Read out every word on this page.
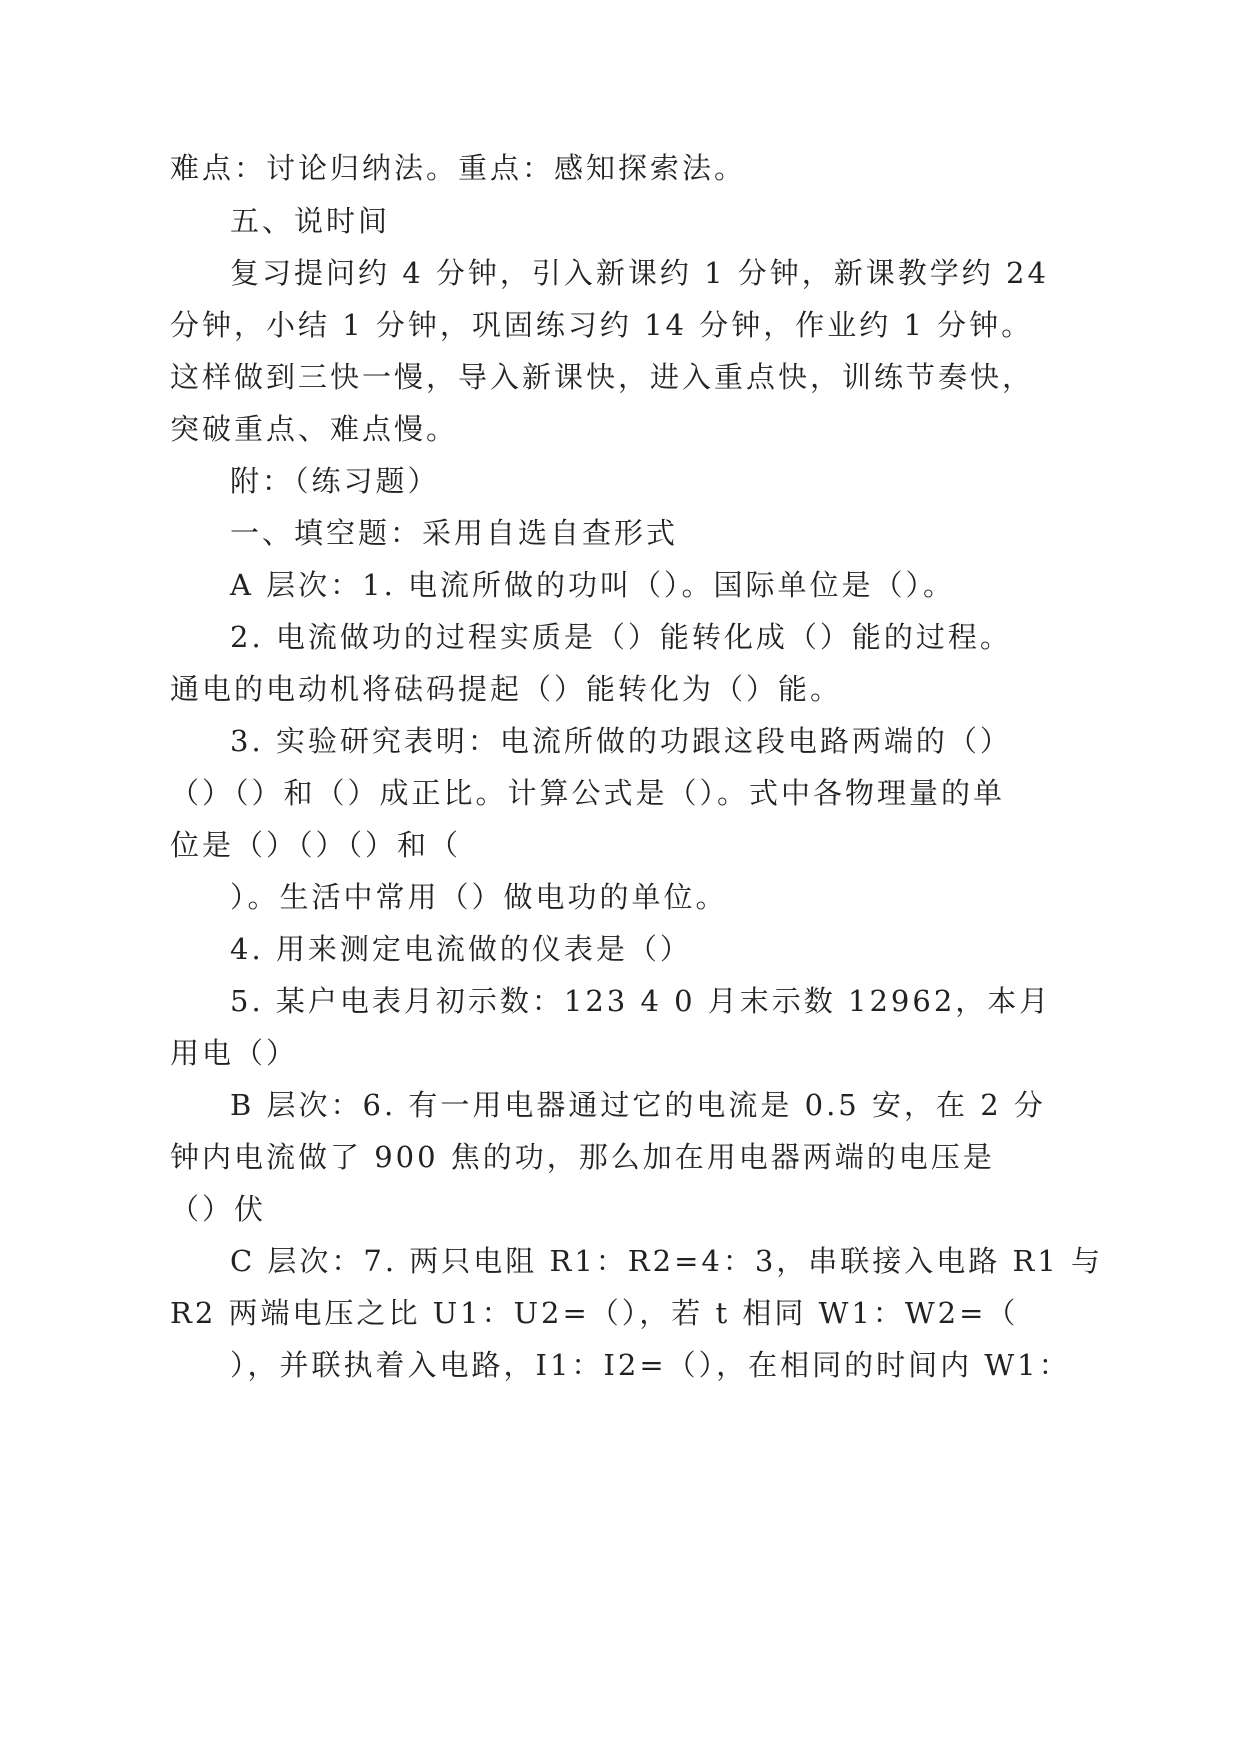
难点：讨论归纳法。重点：感知探索法。
五、说时间
复习提问约 4 分钟，引入新课约 1 分钟，新课教学约 24
分钟，小结 1 分钟，巩固练习约 14 分钟，作业约 1 分钟。
这样做到三快一慢，导入新课快，进入重点快，训练节奏快，
突破重点、难点慢。
附：（练习题）
一、填空题：采用自选自查形式
A 层次：1. 电流所做的功叫（）。国际单位是（）。
2. 电流做功的过程实质是（）能转化成（）能的过程。
通电的电动机将砝码提起（）能转化为（）能。
3. 实验研究表明：电流所做的功跟这段电路两端的（）
（）（）和（）成正比。计算公式是（）。式中各物理量的单
位是（）（）（）和（
）。生活中常用（）做电功的单位。
4. 用来测定电流做的仪表是（）
5. 某户电表月初示数：123 4 0 月末示数 12962，本月
用电（）
B 层次：6. 有一用电器通过它的电流是 0.5 安，在 2 分
钟内电流做了 900 焦的功，那么加在用电器两端的电压是
（）伏
C 层次：7. 两只电阻 R1：R2=4：3，串联接入电路 R1 与
R2 两端电压之比 U1：U2=（），若 t 相同 W1：W2=（
），并联执着入电路，I1：I2=（），在相同的时间内 W1：
